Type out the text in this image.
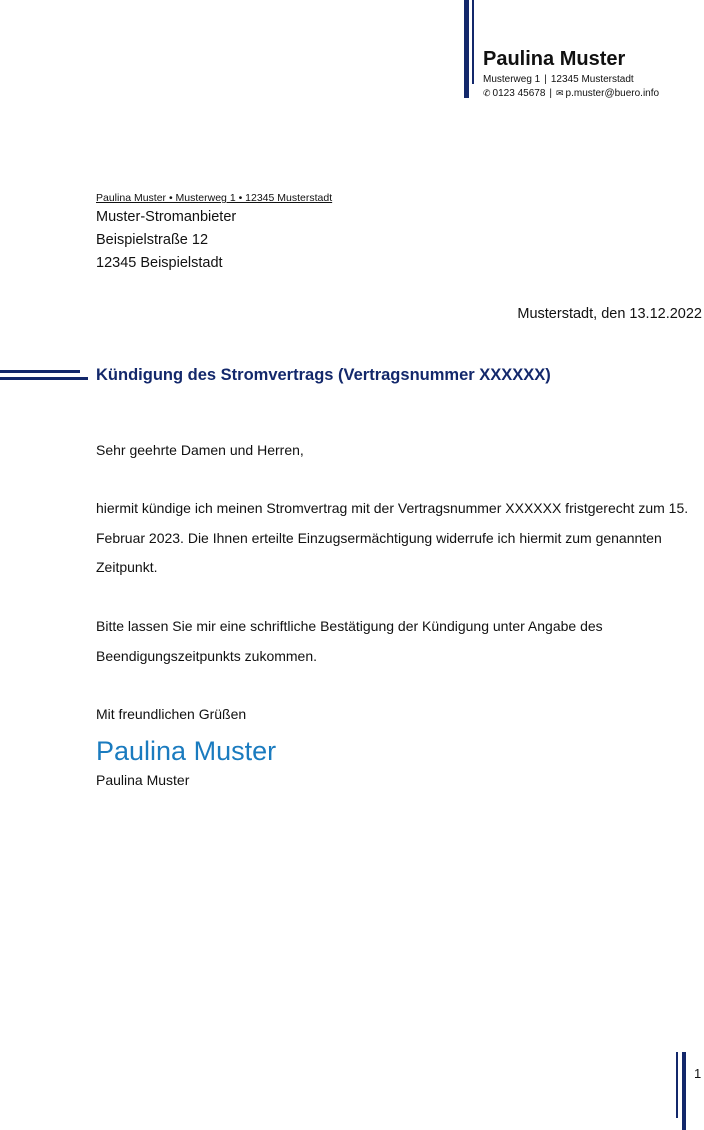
Paulina Muster
Musterweg 1 | 12345 Musterstadt
✆ 0123 45678 | ✉ p.muster@buero.info
Paulina Muster • Musterweg 1 • 12345 Musterstadt
Muster-Stromanbieter
Beispielstraße 12
12345 Beispielstadt
Musterstadt, den 13.12.2022
Kündigung des Stromvertrags (Vertragsnummer XXXXXX)
Sehr geehrte Damen und Herren,
hiermit kündige ich meinen Stromvertrag mit der Vertragsnummer XXXXXX fristgerecht zum 15. Februar 2023. Die Ihnen erteilte Einzugsermächtigung widerrufe ich hiermit zum genannten Zeitpunkt.
Bitte lassen Sie mir eine schriftliche Bestätigung der Kündigung unter Angabe des Beendigungszeitpunkts zukommen.
Mit freundlichen Grüßen
Paulina Muster
Paulina Muster
1
